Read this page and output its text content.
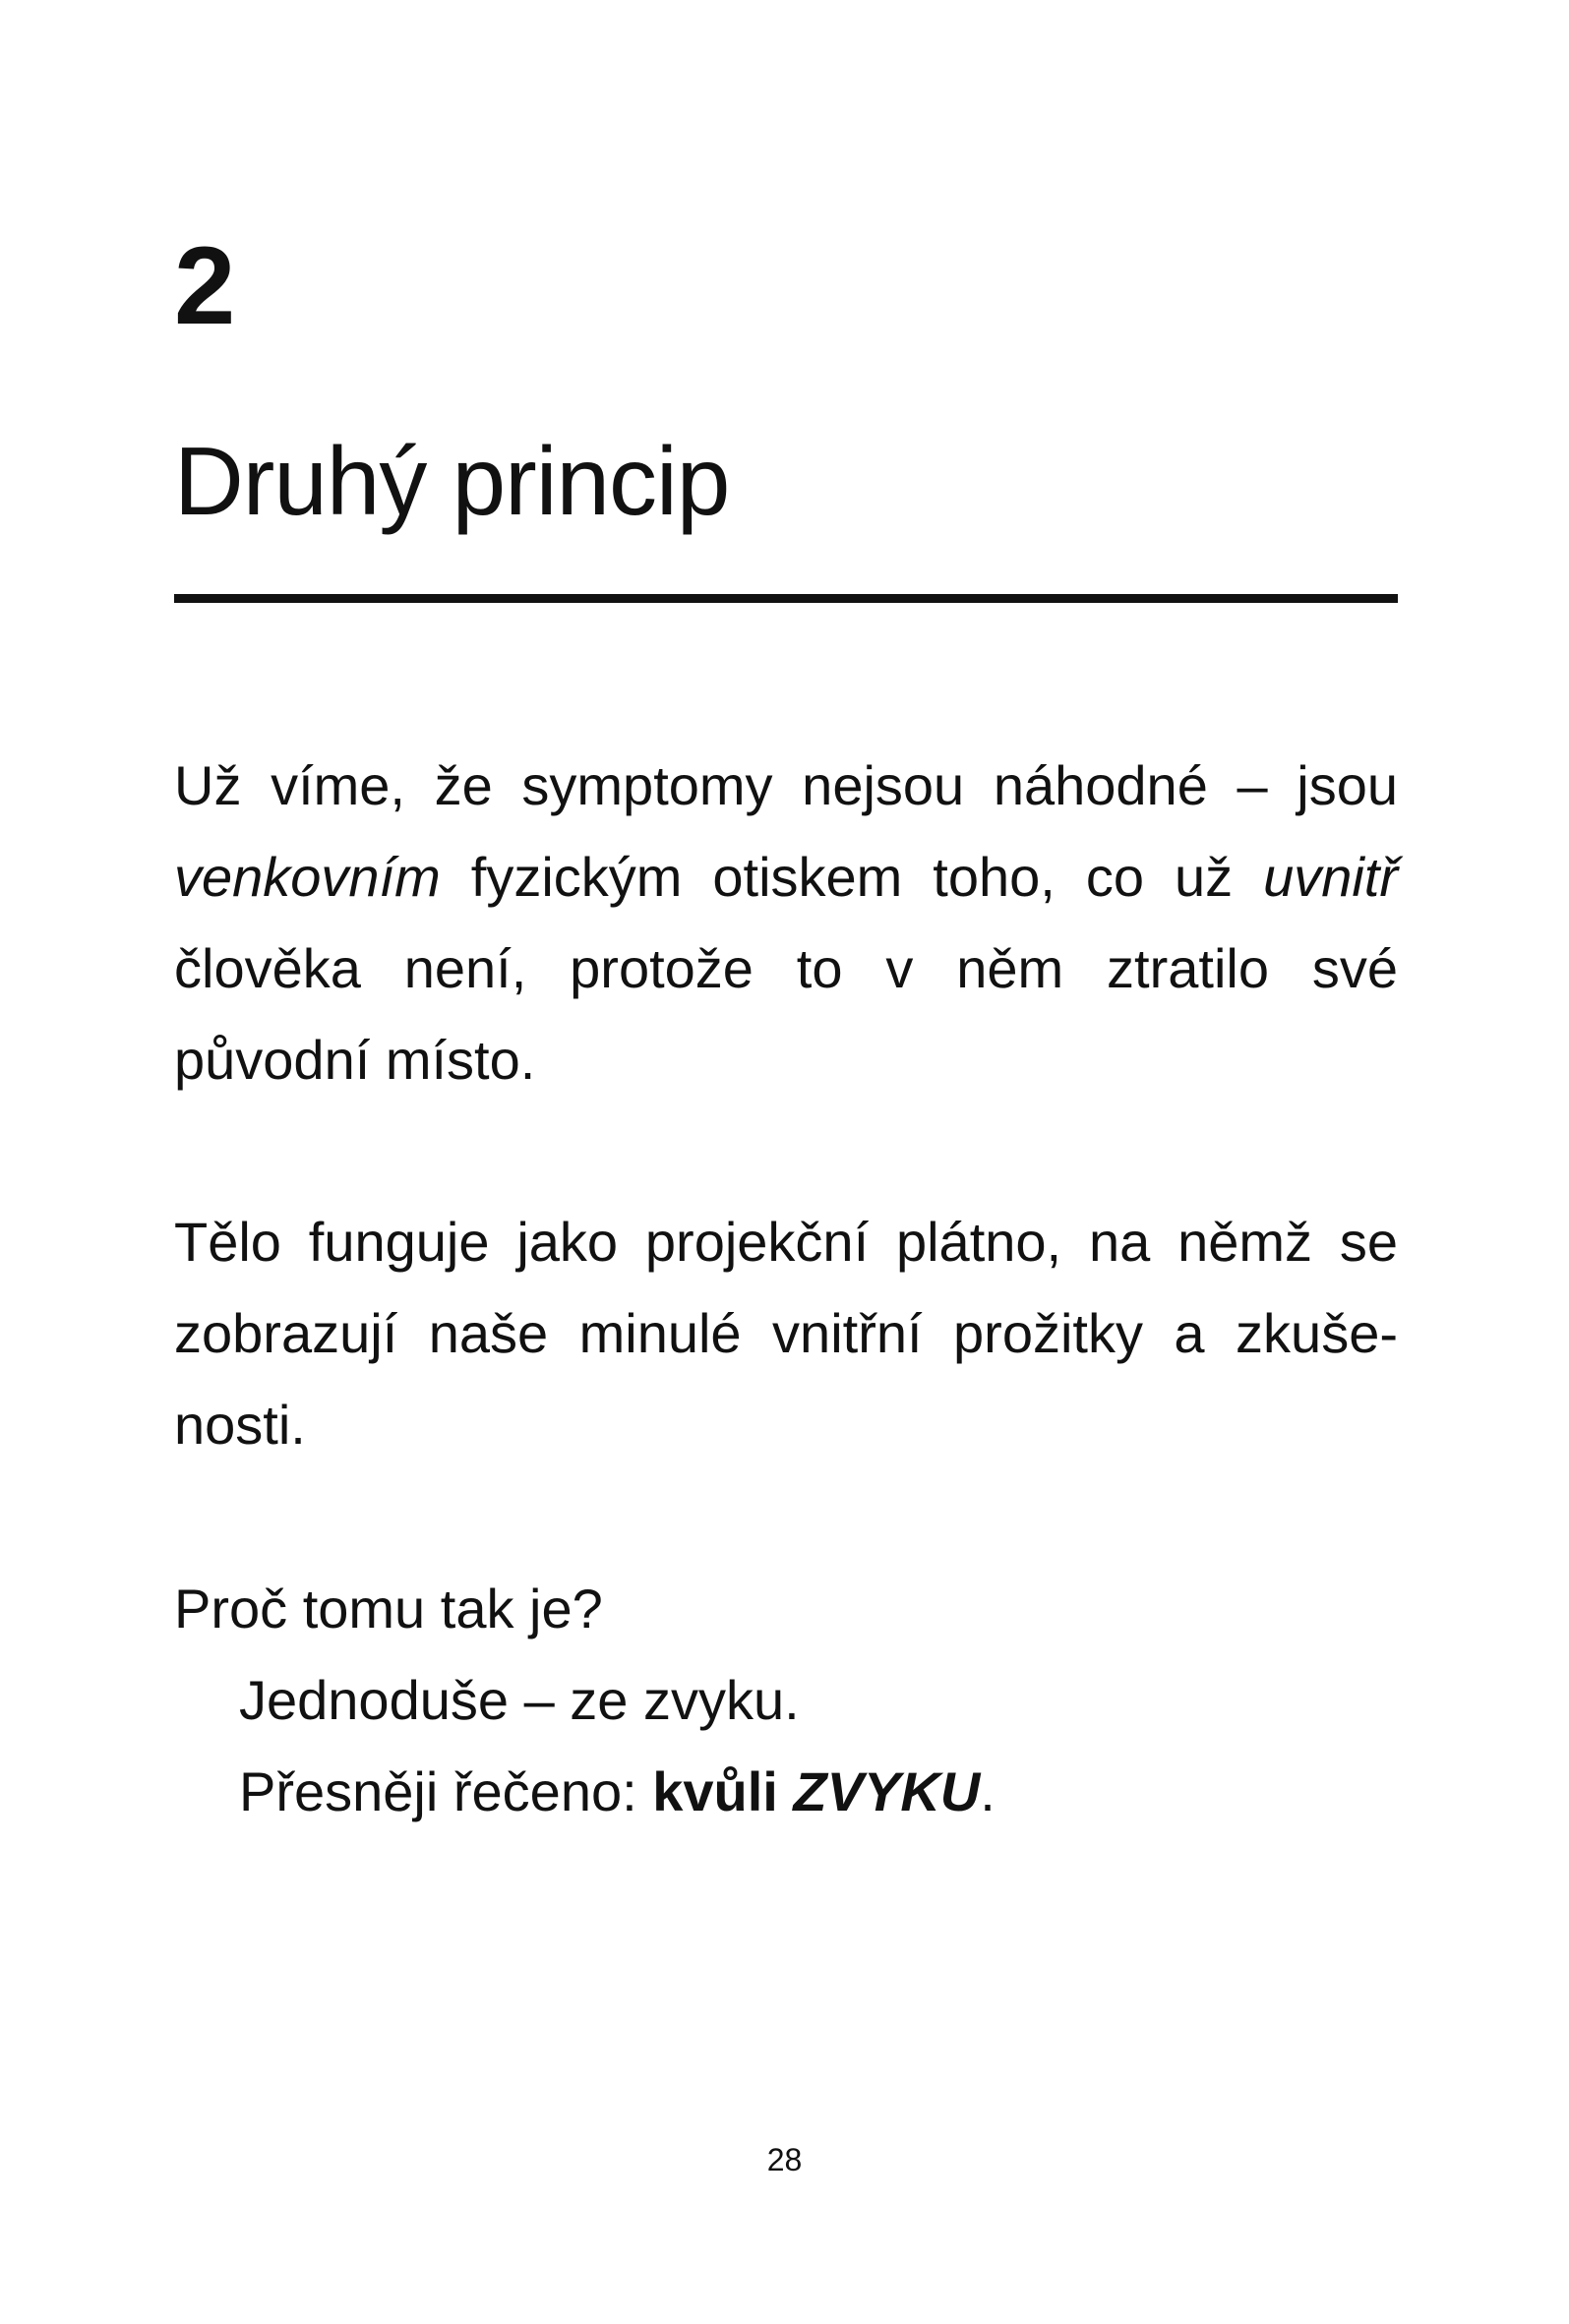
2
Druhý princip

Už víme, že symptomy nejsou náhodné – jsou venkovním fyzickým otiskem toho, co už uvnitř člověka není, protože to v něm ztratilo své původní místo.

Tělo funguje jako projekční plátno, na němž se zobrazují naše minulé vnitřní prožitky a zkuše-nosti.

Proč tomu tak je?
Jednoduše – ze zvyku.
Přesněji řečeno: kvůli ZVYKU.
28
